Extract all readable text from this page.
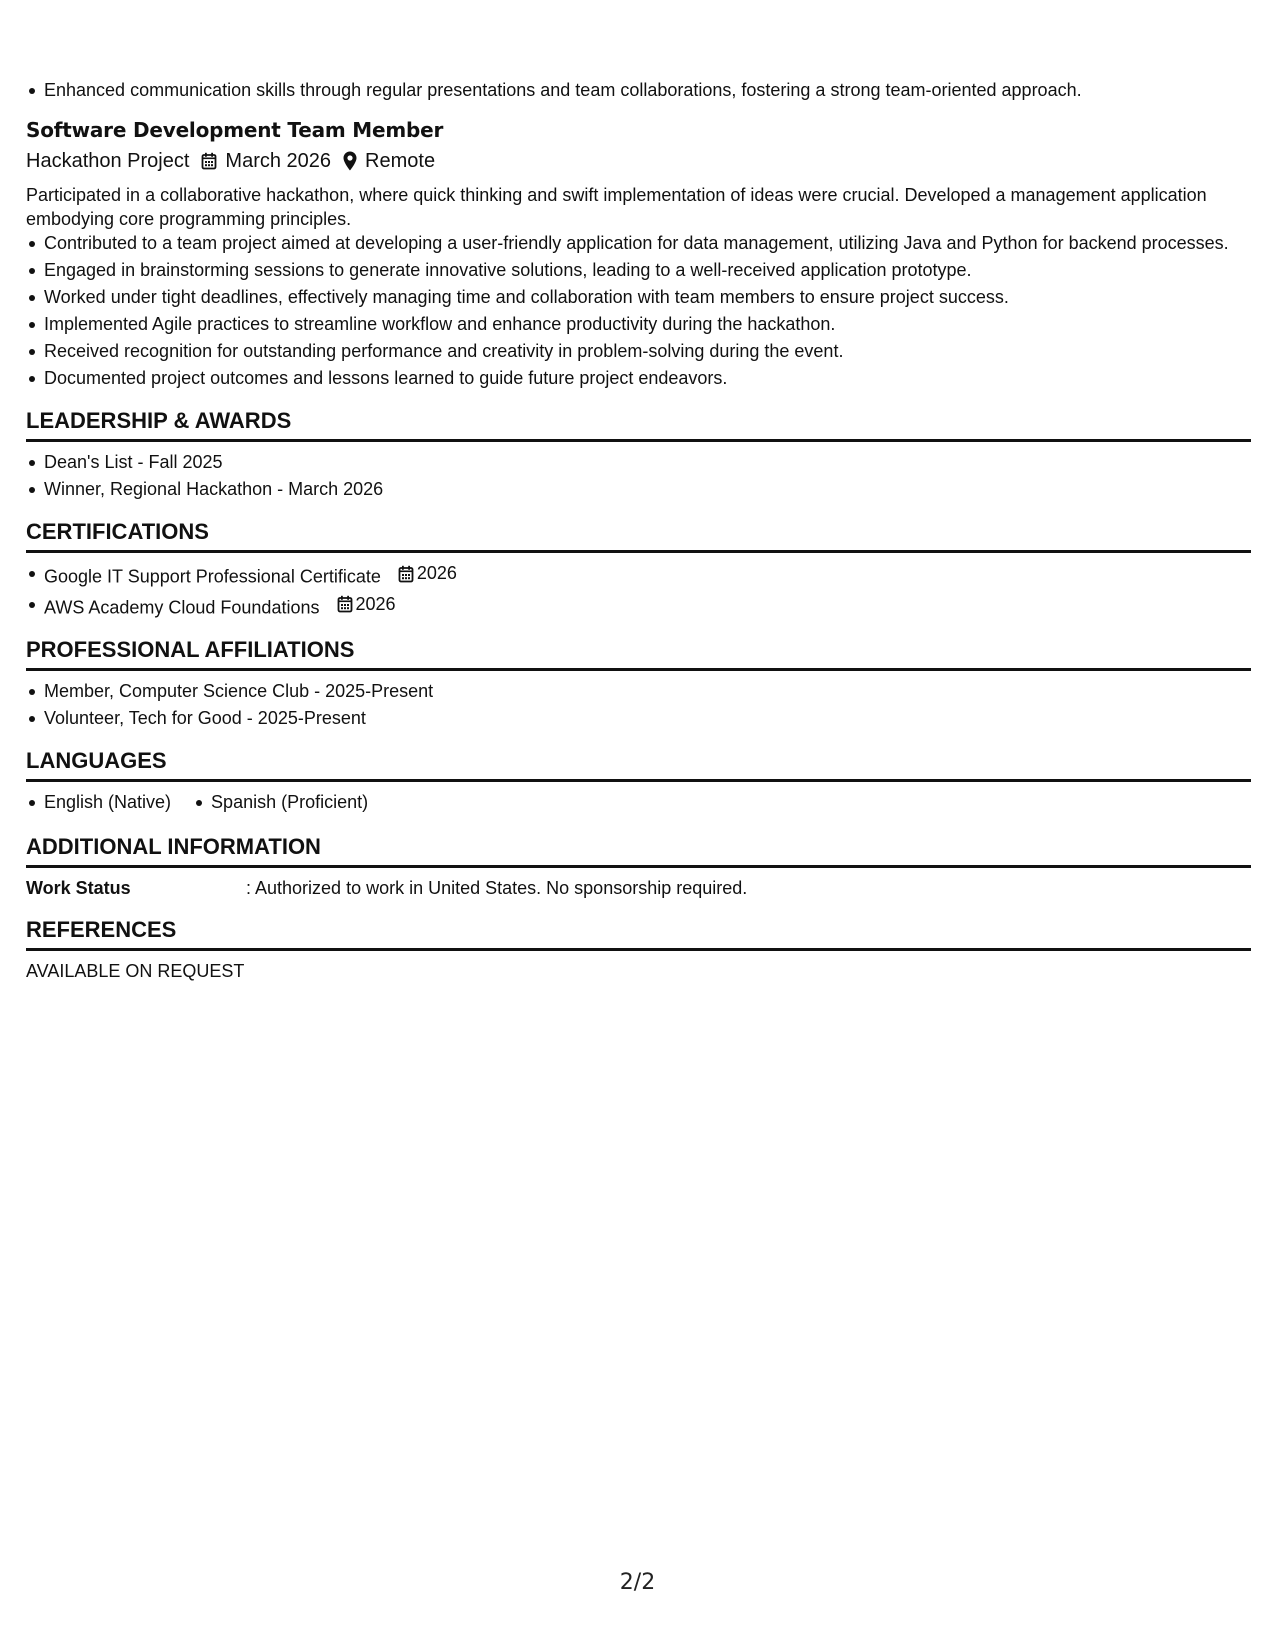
Enhanced communication skills through regular presentations and team collaborations, fostering a strong team-oriented approach.
Software Development Team Member
Hackathon Project March 2026 Remote
Participated in a collaborative hackathon, where quick thinking and swift implementation of ideas were crucial. Developed a management application embodying core programming principles.
Contributed to a team project aimed at developing a user-friendly application for data management, utilizing Java and Python for backend processes.
Engaged in brainstorming sessions to generate innovative solutions, leading to a well-received application prototype.
Worked under tight deadlines, effectively managing time and collaboration with team members to ensure project success.
Implemented Agile practices to streamline workflow and enhance productivity during the hackathon.
Received recognition for outstanding performance and creativity in problem-solving during the event.
Documented project outcomes and lessons learned to guide future project endeavors.
LEADERSHIP & AWARDS
Dean's List - Fall 2025
Winner, Regional Hackathon - March 2026
CERTIFICATIONS
Google IT Support Professional Certificate 2026
AWS Academy Cloud Foundations 2026
PROFESSIONAL AFFILIATIONS
Member, Computer Science Club - 2025-Present
Volunteer, Tech for Good - 2025-Present
LANGUAGES
English (Native)	Spanish (Proficient)
ADDITIONAL INFORMATION
Work Status	: Authorized to work in United States. No sponsorship required.
REFERENCES
AVAILABLE ON REQUEST
2/2
